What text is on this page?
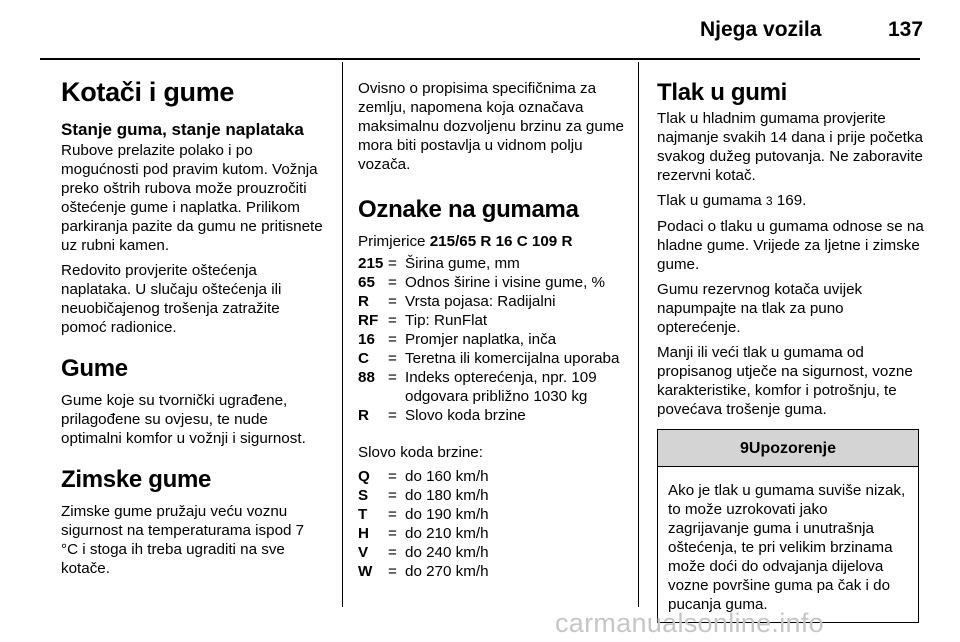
Njega vozila	137
Kotači i gume
Stanje guma, stanje naplataka

Rubove prelazite polako i po mogućnosti pod pravim kutom. Vožnja preko oštrih rubova može prouzročiti oštećenje gume i naplatka. Prilikom parkiranja pazite da gumu ne pritisnete uz rubni kamen.

Redovito provjerite oštećenja naplataka. U slučaju oštećenja ili neuobičajenog trošenja zatražite pomoć radionice.

Gume

Gume koje su tvornički ugrađene, prilagođene su ovjesu, te nude optimalni komfor u vožnji i sigurnost.

Zimske gume

Zimske gume pružaju veću voznu sigurnost na temperaturama ispod 7 °C i stoga ih treba ugraditi na sve kotače.

Ovisno o propisima specifičnima za zemlju, napomena koja označava maksimalnu dozvoljenu brzinu za gume mora biti postavlja u vidnom polju vozača.

Oznake na gumama

Primjerice 215/65 R 16 C 109 R

215 = Širina gume, mm
65 = Odnos širine i visine gume, %
R	= Vrsta pojasa: Radijalni
RF = Tip: RunFlat
16 = Promjer naplatka, inča
C	= Teretna ili komercijalna uporaba
88 = Indeks opterećenja, npr. 109 odgovara približno 1030 kg
R	= Slovo koda brzine

Slovo koda brzine:

Q	= do 160 km/h
S	= do 180 km/h
T	= do 190 km/h
H	= do 210 km/h
V	= do 240 km/h
W	= do 270 km/h
Tlak u gumi

Tlak u hladnim gumama provjerite najmanje svakih 14 dana i prije početka svakog dužeg putovanja. Ne zaboravite rezervni kotač.

Tlak u gumama 3 169.

Podaci o tlaku u gumama odnose se na hladne gume. Vrijede za ljetne i zimske gume.

Gumu rezervnog kotača uvijek napumpajte na tlak za puno opterećenje.

Manji ili veći tlak u gumama od propisanog utječe na sigurnost, vozne karakteristike, komfor i potrošnju, te povećava trošenje guma.

9Upozorenje
Ako je tlak u gumama suviše nizak, to može uzrokovati jako zagrijavanje guma i unutrašnja oštećenja, te pri velikim brzinama može doći do odvajanja dijelova vozne površine guma pa čak i do pucanja guma.
carmanualsonline.info
